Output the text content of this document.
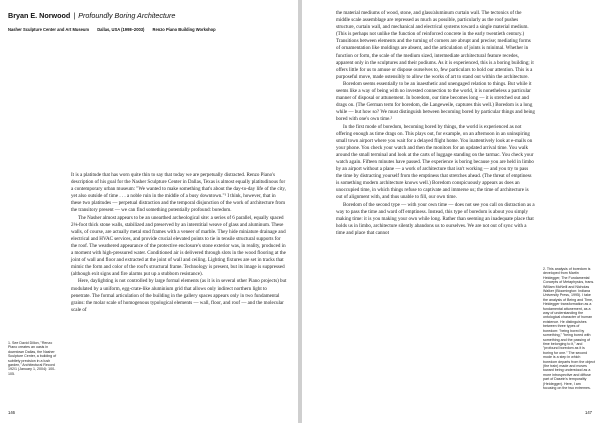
Bryan E. Norwood | Profoundly Boring Architecture
Nasher Sculpture Center and Art Museum Dallas, USA (1998–2003) Renzo Piano Building Workshop

It is a platitude that has worn quite thin to say that today we are perpetually distracted. Renzo Piano's description of his goal for the Nasher Sculpture Center in Dallas, Texas is almost equally platitudinous for a contemporary urban museum: "We wanted to make something that's about the day-to-day life of the city, yet also outside of time . . . a noble ruin in the middle of a busy downtown."¹ I think, however, that in these two platitudes — perpetual distraction and the temporal disjunction of the work of architecture from the transitory present — we can find something potentially profound: boredom.

The Nasher almost appears to be an unearthed archeological site: a series of 6 parallel, equally spaced 2⅛-foot thick stone walls, stabilized and preserved by an interstitial weave of glass and aluminum. These walls, of course, are actually metal stud frames with a veneer of marble. They hide miniature drainage and electrical and HVAC services, and provide crucial elevated points to tie in tensile structural supports for the roof. The weathered appearance of the protective enclosure's stone exterior was, in reality, produced in a moment with high-pressured water. Conditioned air is delivered through slots in the wood flooring at the joint of wall and floor and extracted at the joint of wall and ceiling. Lighting fixtures are set in tracks that mimic the form and color of the roof's structural frame. Technology is present, but its image is suppressed (although exit signs and fire alarms put up a stubborn resistance).

Here, daylighting is not controlled by large formal elements (as it is in several other Piano projects) but modulated by a uniform, egg-crate-like aluminium grid that allows only indirect northern light to penetrate. The formal articulation of the building in the gallery spaces appears only in two fundamental grains: the molar scale of homogenous typological elements — wall, floor, and roof — and the molecular scale of

1. See David Dillon, "Renzo Piano creates an oasis in downtown Dallas, the Nasher Sculpture Center, a building of subtlety precision in a lush garden," Architectural Record 192/1 (January 1, 2004): 100-105.
146

the material mediums of wood, stone, and glass/aluminum curtain wall. The tectonics of the middle scale assemblage are repressed as much as possible, particularly as the roof pushes structure, curtain wall, and mechanical and electrical systems toward a single material medium. (This is perhaps not unlike the function of reinforced concrete in the early twentieth century.) Transitions between elements and the turning of corners are abrupt and precise; mediating forms of ornamentation like moldings are absent, and the articulation of joints is minimal. Whether in function or form, the scale of the medium sized, intermediate architectural feature recedes, apparent only in the sculptures and their podiums. As it is experienced, this is a boring building; it offers little for us to amuse or dispose ourselves to, few particulars to hold our attention. This is a purposeful move, made ostensibly to allow the works of art to stand out within the architecture.

Boredom seems essentially to be an inaesthetic and unengaged relation to things. But while it seems like a way of being with no invested connection to the world, it is nonetheless a particular manner of disposal or attunement. In boredom, our time becomes long — it is stretched out and drags on. (The German term for boredom, die Langeweile, captures this well.) Boredom is a long while — but how so? We must distinguish between becoming bored by particular things and being bored with one's own time.²

In the first mode of boredom, becoming bored by things, the world is experienced as not offering enough as time drags on. This plays out, for example, on an afternoon in an uninspiring small town airport where you wait for a delayed flight home. You inattentively look at e-mails on your phone. You check your watch and then the monitors for an updated arrival time. You walk around the small terminal and look at the carts of luggage standing on the tarmac. You check your watch again. Fifteen minutes have passed. The experience is boring because you are held in limbo by an airport without a plane — a work of architecture that isn't working — and you try to pass the time by distracting yourself from the emptiness that stretches ahead. (The threat of emptiness is something modern architecture knows well.) Boredom conspicuously appears as does an unoccupied time, in which things refuse to captivate and immerse us; the time of architecture is out of alignment with, and thus unable to fill, our own time.

Boredom of the second type — with your own time — does not see you call on distraction as a way to pass the time and ward off emptiness. Instead, this type of boredom is about you simply making time: it is you making your own while long. Rather than seeming an inadequate place that holds us in limbo, architecture silently abandons us to ourselves. We are not out of sync with a time and place that cannot

2. This analysis of boredom is developed from Martin Heidegger, The Fundamental Concepts of Metaphysics, trans. William McNeill and Nicholas Walker (Bloomington: Indiana University Press, 1995). I take the analysis of Being and Time, Heidegger transformation as a fundamental attunement, as a way of understanding the ontological character of human existence. He distinguishes between three types of boredom: "being bored by something," "being bored with something and the passing of time belonging to it," and "profound boredom as it is boring for one." The second mode is a step in which boredom departs from the object (the train) made and moves toward being understood as a more introspective and diffuse part of Dasein's temporality (Heidegger). Here, I am focusing on the two extremes.
147
